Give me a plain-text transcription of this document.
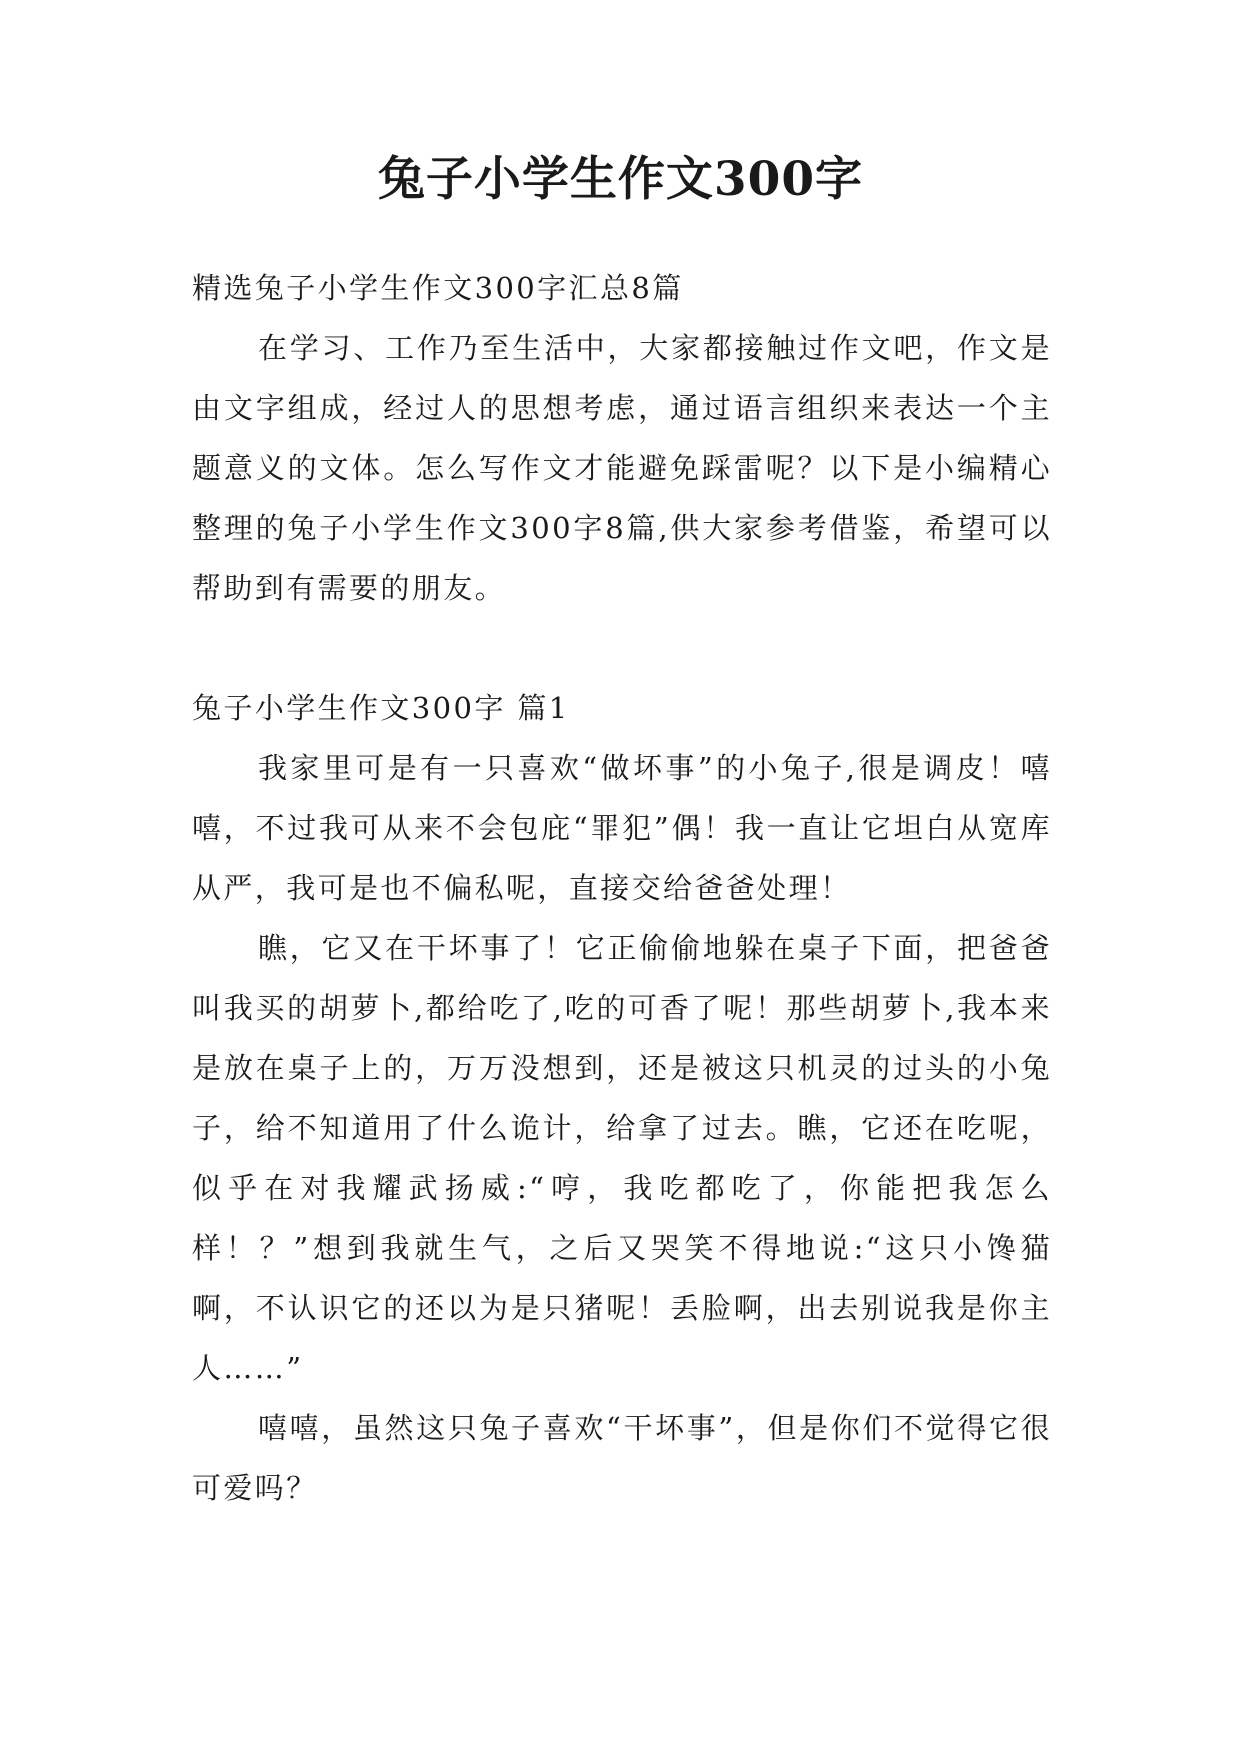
兔子小学生作文300字

精选兔子小学生作文300字汇总8篇

在学习、工作乃至生活中，大家都接触过作文吧，作文是由文字组成，经过人的思想考虑，通过语言组织来表达一个主题意义的文体。怎么写作文才能避免踩雷呢？以下是小编精心整理的兔子小学生作文300字8篇,供大家参考借鉴，希望可以帮助到有需要的朋友。

兔子小学生作文300字 篇1

我家里可是有一只喜欢“做坏事”的小兔子,很是调皮！嘻嘻，不过我可从来不会包庇“罪犯”偶！我一直让它坦白从宽库从严，我可是也不偏私呢，直接交给爸爸处理！

瞧，它又在干坏事了！它正偷偷地躲在桌子下面，把爸爸叫我买的胡萝卜,都给吃了,吃的可香了呢！那些胡萝卜,我本来是放在桌子上的，万万没想到，还是被这只机灵的过头的小兔子，给不知道用了什么诡计，给拿了过去。瞧，它还在吃呢，似乎在对我耀武扬威:“哼，我吃都吃了，你能把我怎么样！？”想到我就生气，之后又哭笑不得地说:“这只小馋猫啊，不认识它的还以为是只猪呢！丢脸啊，出去别说我是你主人……”

嘻嘻，虽然这只兔子喜欢“干坏事”，但是你们不觉得它很可爱吗？
